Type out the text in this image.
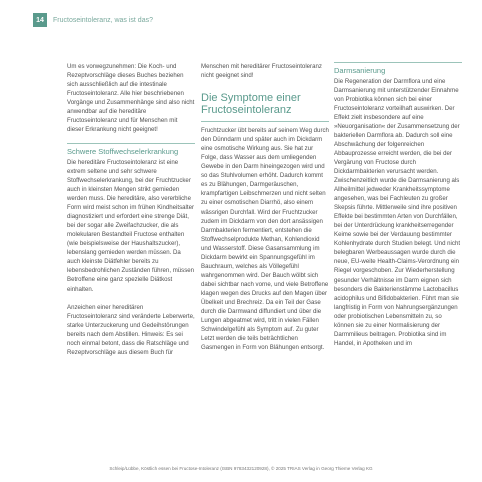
14	Fructoseintoleranz, was ist das?

Um es vorwegzunehmen: Die Koch- und Rezeptvorschläge dieses Buches beziehen sich ausschließlich auf die intestinale Fructoseintoleranz. Alle hier beschriebenen Vorgänge und Zusammenhänge sind also nicht anwendbar auf die hereditäre Fructoseintoleranz und für Menschen mit dieser Erkrankung nicht geeignet!

Schwere Stoffwechselerkrankung

Die hereditäre Fructoseintoleranz ist eine extrem seltene und sehr schwere Stoffwechselerkrankung, bei der Fruchtzucker auch in kleinsten Mengen strikt gemieden werden muss. Die hereditäre, also vererbliche Form wird meist schon im frühen Kindheitsalter diagnostiziert und erfordert eine strenge Diät, bei der sogar alle Zweifachzucker, die als molekularen Bestandteil Fructose enthalten (wie beispielsweise der Haushaltszucker), lebenslang gemieden werden müssen. Da auch kleinste Diätfehler bereits zu lebensbedrohlichen Zuständen führen, müssen Betroffene eine ganz spezielle Diätkost einhalten.

Anzeichen einer hereditären Fructoseintoleranz sind veränderte Leberwerte, starke Unterzuckerung und Gedeihstörungen bereits nach dem Abstillen. Hinweis: Es sei noch einmal betont, dass die Ratschläge und Rezeptvorschläge aus diesem Buch für

Menschen mit hereditärer Fructoseintoleranz nicht geeignet sind!

Die Symptome einer Fructoseintoleranz

Fruchtzucker übt bereits auf seinem Weg durch den Dünndarm und später auch im Dickdarm eine osmotische Wirkung aus. Sie hat zur Folge, dass Wasser aus dem umliegenden Gewebe in den Darm hineingezogen wird und so das Stuhlvolumen erhöht. Dadurch kommt es zu Blähungen, Darmgeräuschen, krampfartigen Leibschmerzen und nicht selten zu einer osmotischen Diarrhö, also einem wässrigen Durchfall. Wird der Fruchtzucker zudem im Dickdarm von den dort ansässigen Darmbakterien fermentiert, entstehen die Stoffwechselprodukte Methan, Kohlendioxid und Wasserstoff. Diese Gasansammlung im Dickdarm bewirkt ein Spannungsgefühl im Bauchraum, welches als Völlegefühl wahrgenommen wird. Der Bauch wölbt sich dabei sichtbar nach vorne, und viele Betroffene klagen wegen des Drucks auf den Magen über Übelkeit und Brechreiz. Da ein Teil der Gase durch die Darmwand diffundiert und über die Lungen abgeatmet wird, tritt in vielen Fällen Schwindelgefühl als Symptom auf. Zu guter Letzt werden die teils beträchtlichen Gasmengen in Form von Blähungen entsorgt.

Darmsanierung

Die Regeneration der Darmflora und eine Darmsanierung mit unterstützender Einnahme von Probiotika können sich bei einer Fructoseintoleranz vorteilhaft auswirken. Der Effekt zielt insbesondere auf eine »Neuorganisation« der Zusammensetzung der bakteriellen Darmflora ab. Dadurch soll eine Abschwächung der folgenreichen Abbauprozesse erreicht werden, die bei der Vergärung von Fructose durch Dickdarmbakterien verursacht werden. Zwischenzeitlich wurde die Darmsanierung als Allheilmittel jedweder Krankheitssymptome angesehen, was bei Fachleuten zu großer Skepsis führte. Mittlerweile sind ihre positiven Effekte bei bestimmten Arten von Durchfällen, bei der Unterdrückung krankheitserregender Keime sowie bei der Verdauung bestimmter Kohlenhydrate durch Studien belegt. Und nicht belegbaren Werbeaussagen wurde durch die neue, EU-weite Health-Claims-Verordnung ein Riegel vorgeschoben. Zur Wiederherstellung gesunder Verhältnisse im Darm eignen sich besonders die Bakterienstämme Lactobacillus acidophilus und Bifidobakterien. Führt man sie langfristig in Form von Nahrungsergänzungen oder probiotischen Lebensmitteln zu, so können sie zu einer Normalisierung der Darmmilieus beitragen. Probiotika sind im Handel, in Apotheken und im

Schleip/Lübbe, Köstlich essen bei Fructose-Intoleranz (ISBN 9783432120928), © 2025 TRIAS Verlag in Georg Thieme Verlag KG
